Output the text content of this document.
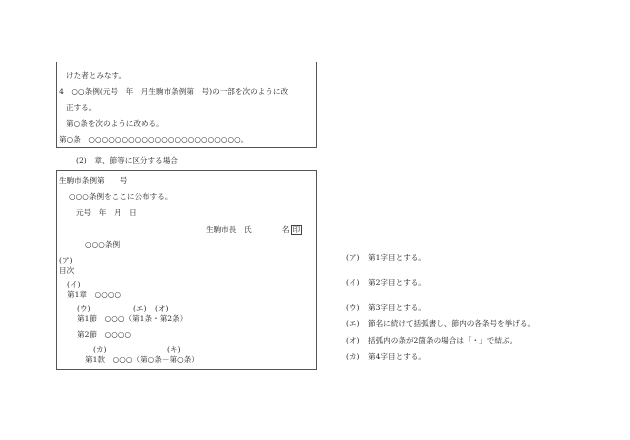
けた者とみなす。
4　○○条例(元号　年　月生駒市条例第　号)の一部を次のように改
正する。
第○条を次のように改める。
第○条　○○○○○○○○○○○○○○○○○○○○○○○。
(2)　章、節等に区分する場合
生駒市条例第　　号
○○○条例をここに公布する。
元号　年　月　日
生駒市長　氏　　　　名 印
○○○条例
(ア)
目次
(イ)
第1章　○○○○
(ウ)	(エ) (オ)
第1節　○○○（第1条・第2条）
第2節　○○○○
(カ)	(キ)
第1款　○○○（第○条－第○条）
(ア) 第1字目とする。
(イ) 第2字目とする。
(ウ) 第3字目とする。
(エ) 節名に続けて括弧書し、節内の各条号を挙げる。
(オ) 括弧内の条が2箇条の場合は「・」で結ぶ。
(カ) 第4字目とする。
